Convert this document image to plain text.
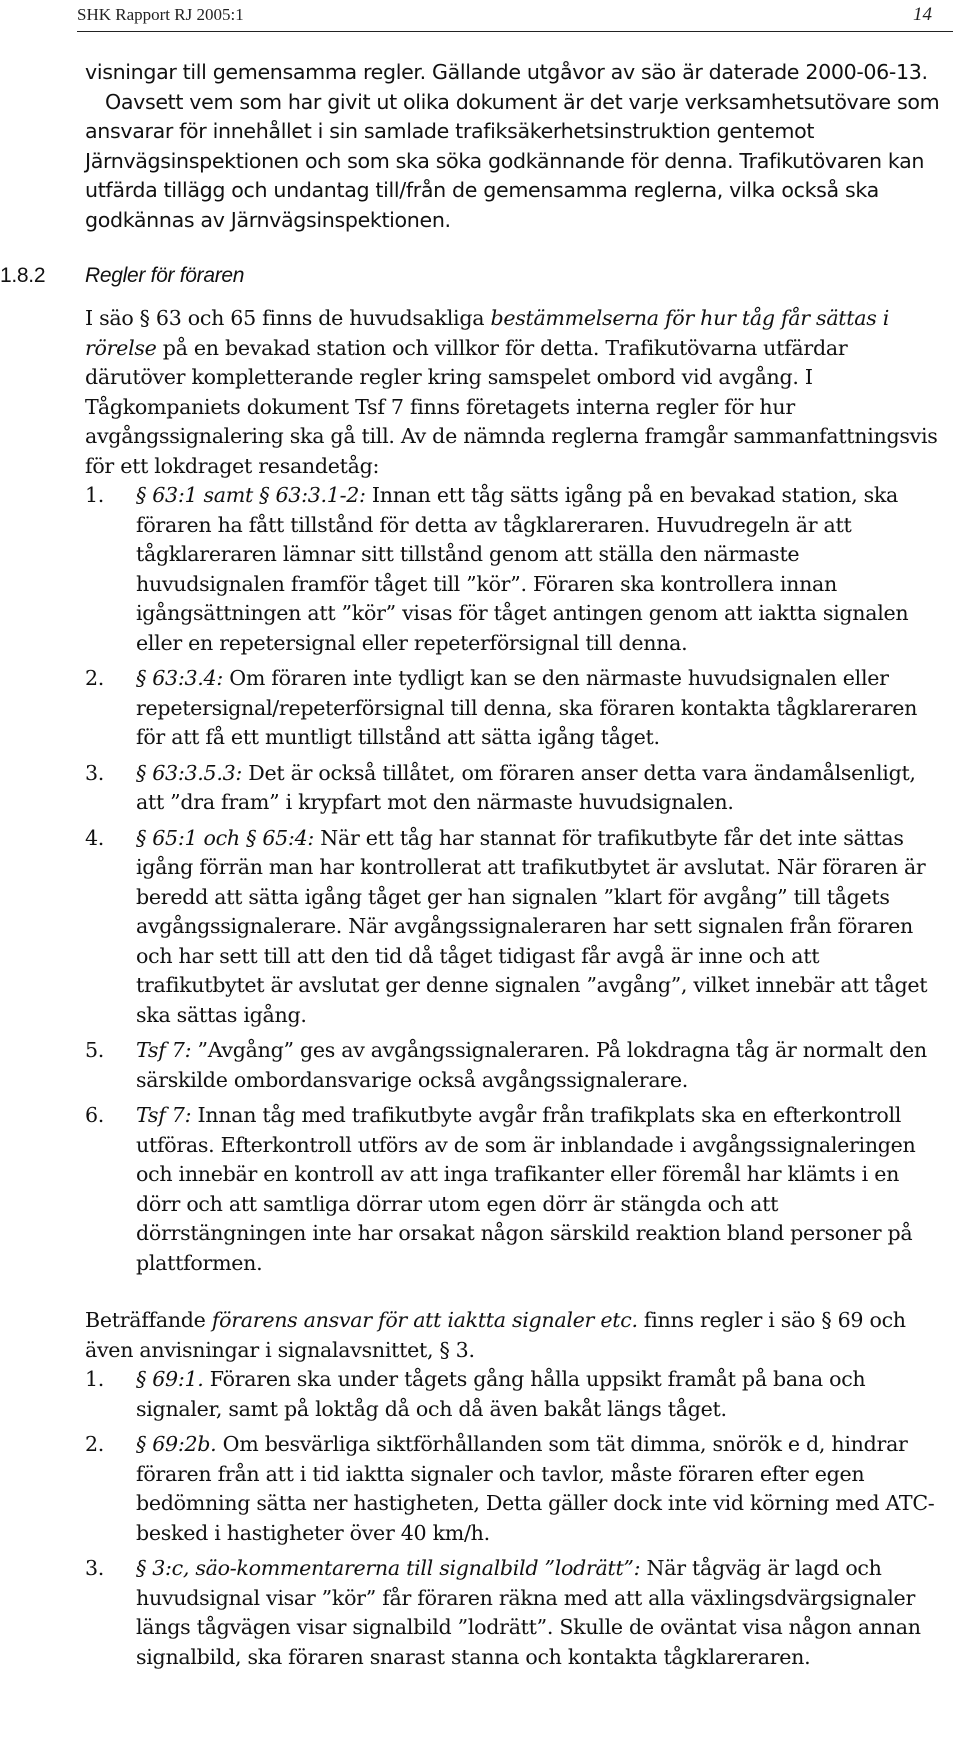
SHK Rapport RJ 2005:1	14

visningar till gemensamma regler. Gällande utgåvor av säo är daterade 2000-06-13.

Oavsett vem som har givit ut olika dokument är det varje verksamhetsutövare som ansvarar för innehållet i sin samlade trafiksäkerhetsinstruktion gentemot Järnvägsinspektionen och som ska söka godkännande för denna. Trafikutövaren kan utfärda tillägg och undantag till/från de gemensamma reglerna, vilka också ska godkännas av Järnvägsinspektionen.

1.8.2 Regler för föraren

I säo § 63 och 65 finns de huvudsakliga bestämmelserna för hur tåg får sättas i rörelse på en bevakad station och villkor för detta. Trafikutövarna utfärdar därutöver kompletterande regler kring samspelet ombord vid avgång. I Tågkompaniets dokument Tsf 7 finns företagets interna regler för hur avgångssignalering ska gå till. Av de nämnda reglerna framgår sammanfattningsvis för ett lokdraget resandetåg:

1. § 63:1 samt § 63:3.1-2: Innan ett tåg sätts igång på en bevakad station, ska föraren ha fått tillstånd för detta av tågklareraren. Huvudregeln är att tågklareraren lämnar sitt tillstånd genom att ställa den närmaste huvudsignalen framför tåget till ”kör”. Föraren ska kontrollera innan igångsättningen att ”kör” visas för tåget antingen genom att iaktta signalen eller en repetersignal eller repeterförsignal till denna.
2. § 63:3.4: Om föraren inte tydligt kan se den närmaste huvudsignalen eller repetersignal/repeterförsignal till denna, ska föraren kontakta tågklareraren för att få ett muntligt tillstånd att sätta igång tåget.
3. § 63:3.5.3: Det är också tillåtet, om föraren anser detta vara ändamålsenligt, att ”dra fram” i krypfart mot den närmaste huvudsignalen.
4. § 65:1 och § 65:4: När ett tåg har stannat för trafikutbyte får det inte sättas igång förrän man har kontrollerat att trafikutbytet är avslutat. När föraren är beredd att sätta igång tåget ger han signalen ”klart för avgång” till tågets avgångssignalerare. När avgångssignaleraren har sett signalen från föraren och har sett till att den tid då tåget tidigast får avgå är inne och att trafikutbytet är avslutat ger denne signalen ”avgång”, vilket innebär att tåget ska sättas igång.
5. Tsf 7: ”Avgång” ges av avgångssignaleraren. På lokdragna tåg är normalt den särskilde ombordansvarige också avgångssignalerare.
6. Tsf 7: Innan tåg med trafikutbyte avgår från trafikplats ska en efterkontroll utföras. Efterkontroll utförs av de som är inblandade i avgångssignaleringen och innebär en kontroll av att inga trafikanter eller föremål har klämts i en dörr och att samtliga dörrar utom egen dörr är stängda och att dörrstängningen inte har orsakat någon särskild reaktion bland personer på plattformen.

Beträffande förarens ansvar för att iaktta signaler etc. finns regler i säo § 69 och även anvisningar i signalavsnittet, § 3.

1. § 69:1. Föraren ska under tågets gång hålla uppsikt framåt på bana och signaler, samt på loktåg då och då även bakåt längs tåget.
2. § 69:2b. Om besvärliga siktförhållanden som tät dimma, snörök e d, hindrar föraren från att i tid iaktta signaler och tavlor, måste föraren efter egen bedömning sätta ner hastigheten, Detta gäller dock inte vid körning med ATC-besked i hastigheter över 40 km/h.
3. § 3:c, säo-kommentarerna till signalbild ”lodrätt”: När tågväg är lagd och huvudsignal visar ”kör” får föraren räkna med att alla växlingsdvärgsignaler längs tågvägen visar signalbild ”lodrätt”. Skulle de oväntat visa någon annan signalbild, ska föraren snarast stanna och kontakta tågklareraren.
